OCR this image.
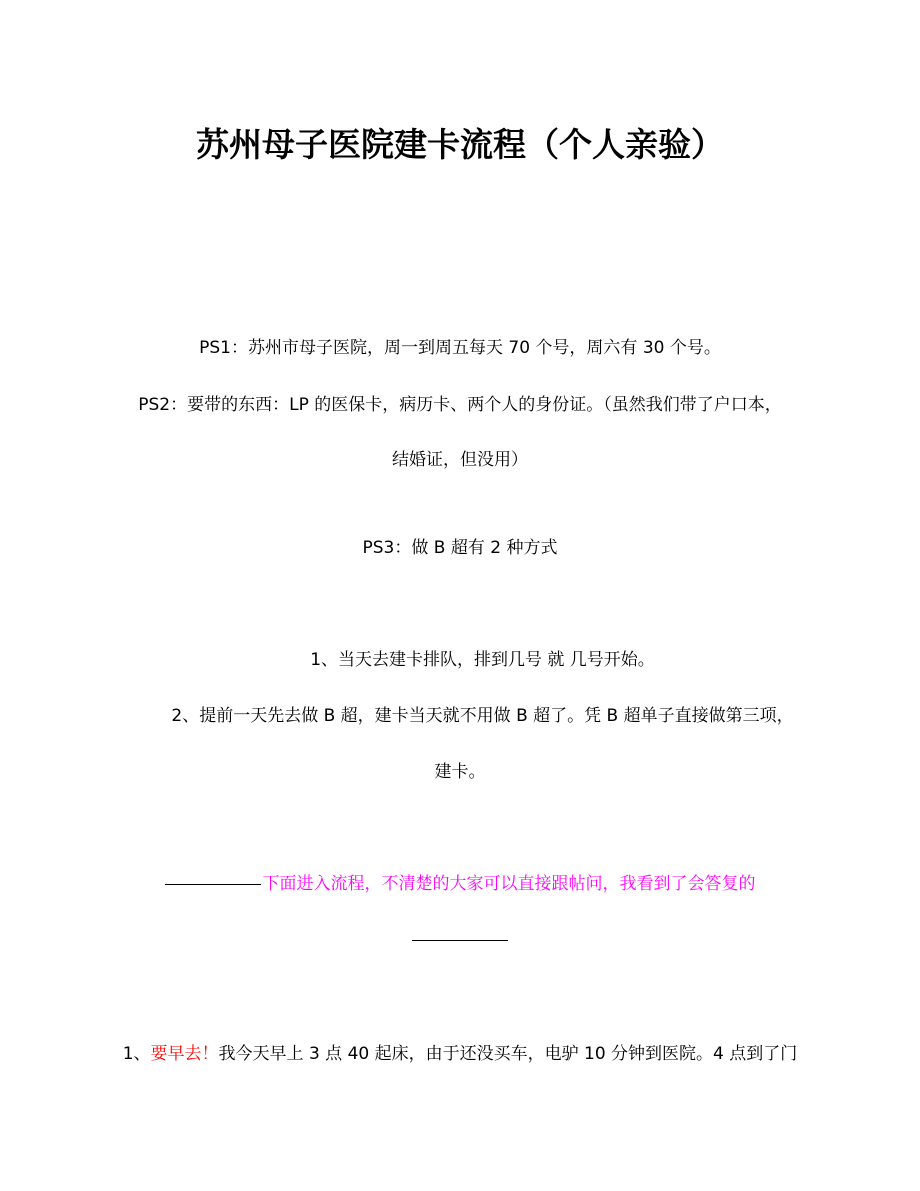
苏州母子医院建卡流程（个人亲验）
PS1：苏州市母子医院，周一到周五每天 70 个号，周六有 30 个号。
PS2：要带的东西：LP 的医保卡，病历卡、两个人的身份证。（虽然我们带了户口本，
结婚证，但没用）
PS3：做 B 超有 2 种方式
1、当天去建卡排队，排到几号 就 几号开始。
2、提前一天先去做 B 超，建卡当天就不用做 B 超了。凭 B 超单子直接做第三项，
建卡。
下面进入流程，不清楚的大家可以直接跟帖问，我看到了会答复的
1、要早去！我今天早上 3 点 40 起床，由于还没买车，电驴 10 分钟到医院。4 点到了门
